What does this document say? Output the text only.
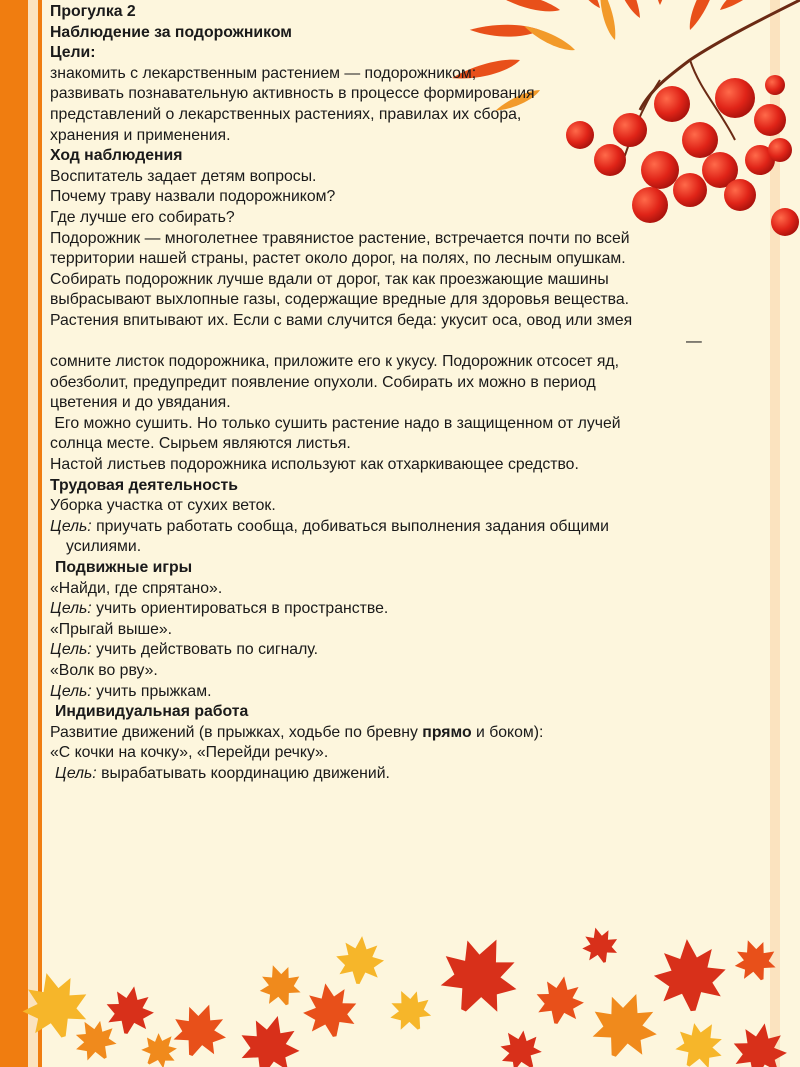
Прогулка 2

Наблюдение за подорожником

Цели:

знакомить с лекарственным растением — подорожником;

развивать познавательную активность в процессе формирования

представлений о лекарственных растениях, правилах их сбора,

хранения и применения.

Ход наблюдения

Воспитатель задает детям вопросы.

Почему траву назвали подорожником?

Где лучше его собирать?

Подорожник — многолетнее травянистое растение, встречается почти по всей

территории нашей страны, растет около дорог, на полях, по лесным опушкам.

Собирать подорожник лучше вдали от дорог, так как проезжающие машины

выбрасывают выхлопные газы, содержащие вредные для здоровья вещества.

Растения впитывают их. Если с вами случится беда: укусит оса, овод или змея

—

сомните листок подорожника, приложите его к укусу. Подорожник отсосет яд,

обезболит, предупредит появление опухоли. Собирать их можно в период

цветения и до увядания.

Его можно сушить. Но только сушить растение надо в защищенном от лучей

солнца месте. Сырьем являются листья.

Настой листьев подорожника используют как отхаркивающее средство.

Трудовая деятельность

Уборка участка от сухих веток.

Цель: приучать работать сообща, добиваться выполнения задания общими

усилиями.

Подвижные игры

«Найди, где спрятано».

Цель: учить ориентироваться в пространстве.

«Прыгай выше».

Цель: учить действовать по сигналу.

«Волк во рву».

Цель: учить прыжкам.

Индивидуальная работа

Развитие движений (в прыжках, ходьбе по бревну прямо и боком):

«С кочки на кочку», «Перейди речку».

Цель: вырабатывать координацию движений.
